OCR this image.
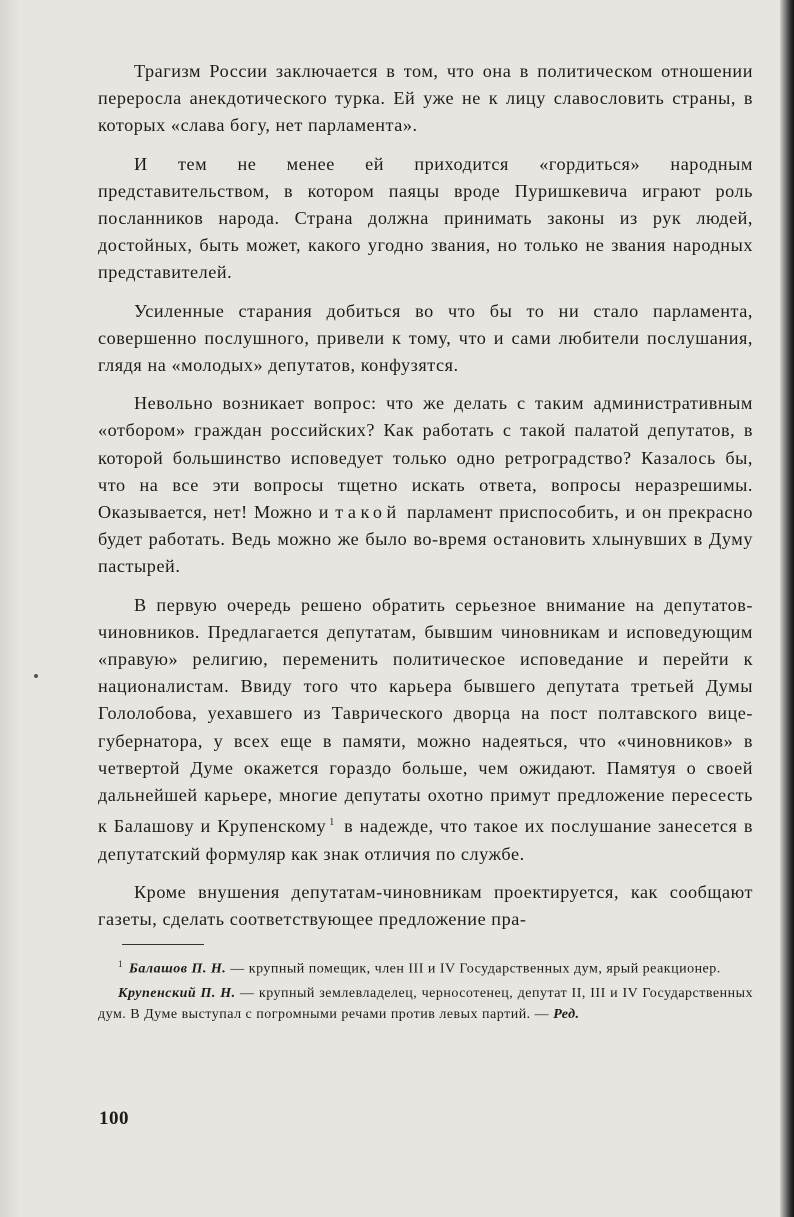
Трагизм России заключается в том, что она в политическом отношении переросла анекдотического турка. Ей уже не к лицу славословить страны, в которых «слава богу, нет парламента».

И тем не менее ей приходится «гордиться» народным представительством, в котором паяцы вроде Пуришкевича играют роль посланников народа. Страна должна принимать законы из рук людей, достойных, быть может, какого угодно звания, но только не звания народных представителей.

Усиленные старания добиться во что бы то ни стало парламента, совершенно послушного, привели к тому, что и сами любители послушания, глядя на «молодых» депутатов, конфузятся.

Невольно возникает вопрос: что же делать с таким административным «отбором» граждан российских? Как работать с такой палатой депутатов, в которой большинство исповедует только одно ретроградство? Казалось бы, что на все эти вопросы тщетно искать ответа, вопросы неразрешимы. Оказывается, нет! Можно и такой парламент приспособить, и он прекрасно будет работать. Ведь можно же было во-время остановить хлынувших в Думу пастырей.

В первую очередь решено обратить серьезное внимание на депутатов-чиновников. Предлагается депутатам, бывшим чиновникам и исповедующим «правую» религию, переменить политическое исповедание и перейти к националистам. Ввиду того что карьера бывшего депутата третьей Думы Гололобова, уехавшего из Таврического дворца на пост полтавского вице-губернатора, у всех еще в памяти, можно надеяться, что «чиновников» в четвертой Думе окажется гораздо больше, чем ожидают. Памятуя о своей дальнейшей карьере, многие депутаты охотно примут предложение пересесть к Балашову и Крупенскому $^1$ в надежде, что такое их послушание занесется в депутатский формуляр как знак отличия по службе.

Кроме внушения депутатам-чиновникам проектируется, как сообщают газеты, сделать соответствующее предложение пра-

$^1$ Балашов П. Н. — крупный помещик, член III и IV Государственных дум, ярый реакционер.

Крупенский П. Н. — крупный землевладелец, черносотенец, депутат II, III и IV Государственных дум. В Думе выступал с погромными речами против левых партий. — Ред.

100
